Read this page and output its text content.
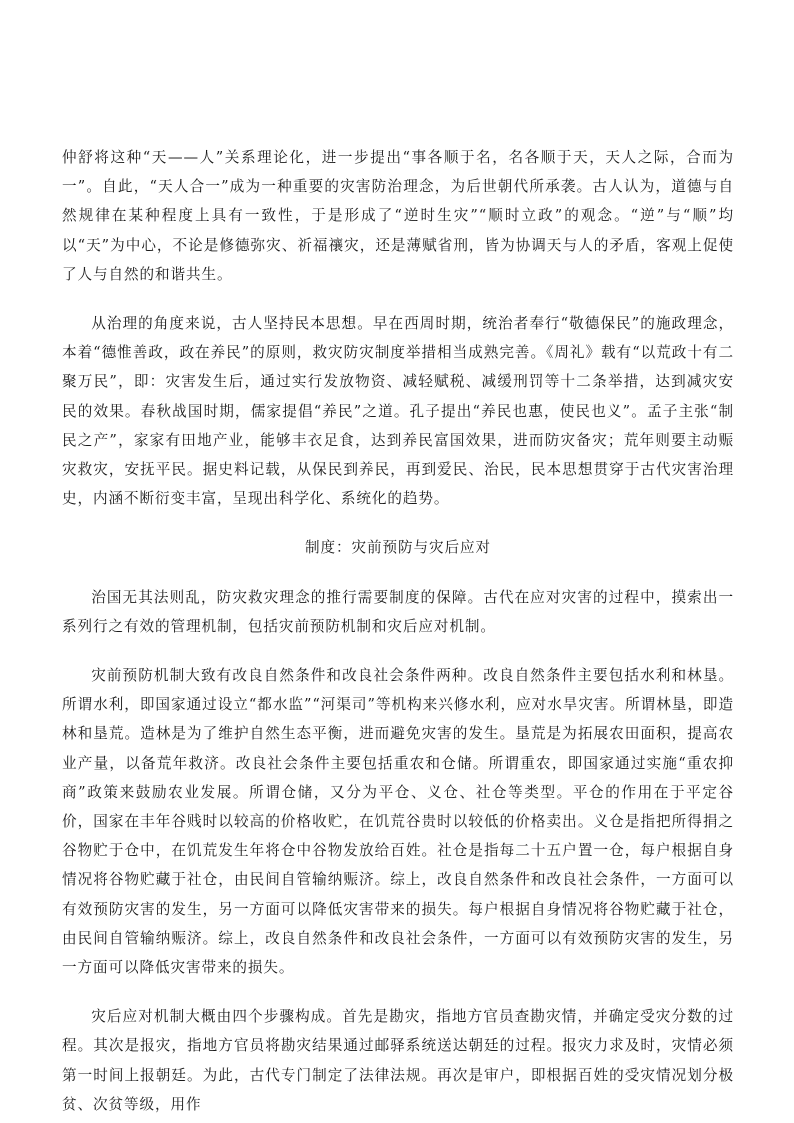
仲舒将这种“天——人”关系理论化，进一步提出“事各顺于名，名各顺于天，天人之际，合而为一”。自此，“天人合一”成为一种重要的灾害防治理念，为后世朝代所承袭。古人认为，道德与自然规律在某种程度上具有一致性，于是形成了“逆时生灾”“顺时立政”的观念。“逆”与“顺”均以“天”为中心，不论是修德弥灾、祈福禳灾，还是薄赋省刑，皆为协调天与人的矛盾，客观上促使了人与自然的和谐共生。

从治理的角度来说，古人坚持民本思想。早在西周时期，统治者奉行“敬德保民”的施政理念，本着“德惟善政，政在养民”的原则，救灾防灾制度举措相当成熟完善。《周礼》载有“以荒政十有二聚万民”，即：灾害发生后，通过实行发放物资、减轻赋税、减缓刑罚等十二条举措，达到减灾安民的效果。春秋战国时期，儒家提倡“养民”之道。孔子提出“养民也惠，使民也义”。孟子主张“制民之产”，家家有田地产业，能够丰衣足食，达到养民富国效果，进而防灾备灾；荒年则要主动赈灾救灾，安抚平民。据史料记载，从保民到养民，再到爱民、治民，民本思想贯穿于古代灾害治理史，内涵不断衍变丰富，呈现出科学化、系统化的趋势。

制度：灾前预防与灾后应对

治国无其法则乱，防灾救灾理念的推行需要制度的保障。古代在应对灾害的过程中，摸索出一系列行之有效的管理机制，包括灾前预防机制和灾后应对机制。

灾前预防机制大致有改良自然条件和改良社会条件两种。改良自然条件主要包括水利和林垦。所谓水利，即国家通过设立“都水监”“河渠司”等机构来兴修水利，应对水旱灾害。所谓林垦，即造林和垦荒。造林是为了维护自然生态平衡，进而避免灾害的发生。垦荒是为拓展农田面积，提高农业产量，以备荒年救济。改良社会条件主要包括重农和仓储。所谓重农，即国家通过实施“重农抑商”政策来鼓励农业发展。所谓仓储，又分为平仓、义仓、社仓等类型。平仓的作用在于平定谷价，国家在丰年谷贱时以较高的价格收贮，在饥荒谷贵时以较低的价格卖出。义仓是指把所得捐之谷物贮于仓中，在饥荒发生年将仓中谷物发放给百姓。社仓是指每二十五户置一仓，每户根据自身情况将谷物贮藏于社仓，由民间自管输纳赈济。综上，改良自然条件和改良社会条件，一方面可以有效预防灾害的发生，另一方面可以降低灾害带来的损失。每户根据自身情况将谷物贮藏于社仓，由民间自管输纳赈济。综上，改良自然条件和改良社会条件，一方面可以有效预防灾害的发生，另一方面可以降低灾害带来的损失。

灾后应对机制大概由四个步骤构成。首先是勘灾，指地方官员查勘灾情，并确定受灾分数的过程。其次是报灾，指地方官员将勘灾结果通过邮驿系统送达朝廷的过程。报灾力求及时，灾情必须第一时间上报朝廷。为此，古代专门制定了法律法规。再次是审户，即根据百姓的受灾情况划分极贫、次贫等级，用作
